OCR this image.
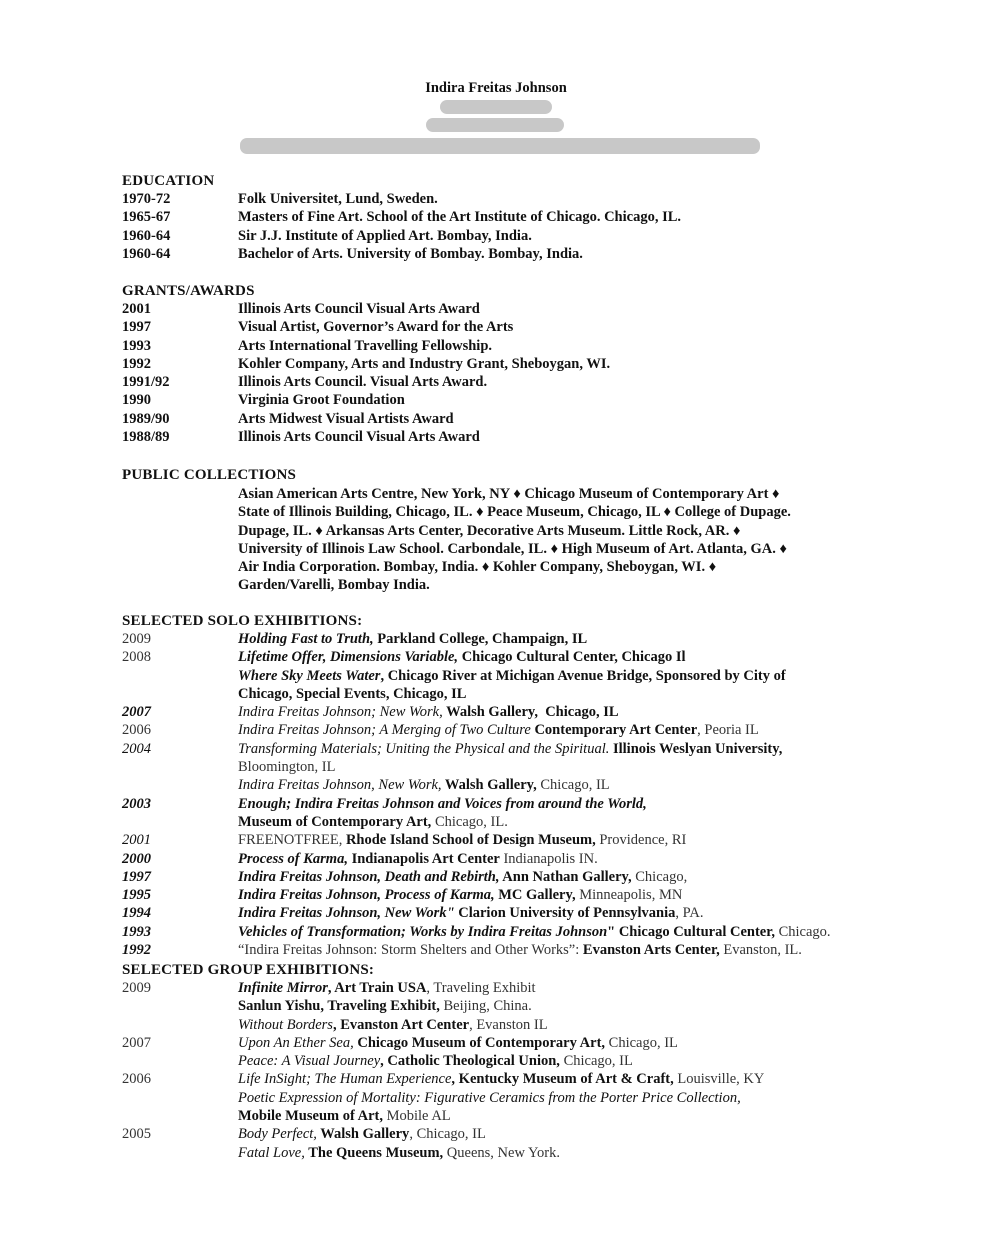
Indira Freitas Johnson
EDUCATION
1970-72	Folk Universitet, Lund, Sweden.
1965-67	Masters of Fine Art. School of the Art Institute of Chicago. Chicago, IL.
1960-64	Sir J.J. Institute of Applied Art. Bombay, India.
1960-64	Bachelor of Arts. University of Bombay. Bombay, India.
GRANTS/AWARDS
2001	Illinois Arts Council Visual Arts Award
1997	Visual Artist, Governor’s Award for the Arts
1993	Arts International Travelling Fellowship.
1992	Kohler Company, Arts and Industry Grant, Sheboygan, WI.
1991/92	Illinois Arts Council. Visual Arts Award.
1990	Virginia Groot Foundation
1989/90	Arts Midwest Visual Artists Award
1988/89	Illinois Arts Council Visual Arts Award
PUBLIC COLLECTIONS
Asian American Arts Centre, New York, NY ♦ Chicago Museum of Contemporary Art ♦
State of Illinois Building, Chicago, IL. ♦ Peace Museum, Chicago, IL ♦ College of Dupage.
Dupage, IL. ♦ Arkansas Arts Center, Decorative Arts Museum. Little Rock, AR. ♦
University of Illinois Law School. Carbondale, IL. ♦ High Museum of Art. Atlanta, GA. ♦
Air India Corporation. Bombay, India. ♦ Kohler Company, Sheboygan, WI. ♦
Garden/Varelli, Bombay India.
SELECTED SOLO EXHIBITIONS:
2009	Holding Fast to Truth, Parkland College, Champaign, IL
2008	Lifetime Offer, Dimensions Variable, Chicago Cultural Center, Chicago Il
Where Sky Meets Water, Chicago River at Michigan Avenue Bridge, Sponsored by City of
Chicago, Special Events, Chicago, IL
2007	Indira Freitas Johnson; New Work, Walsh Gallery,  Chicago, IL
2006	Indira Freitas Johnson; A Merging of Two Culture Contemporary Art Center, Peoria IL
2004	Transforming Materials; Uniting the Physical and the Spiritual. Illinois Weslyan University,
Bloomington, IL
Indira Freitas Johnson, New Work, Walsh Gallery, Chicago, IL
2003	Enough; Indira Freitas Johnson and Voices from around the World,
Museum of Contemporary Art, Chicago, IL.
2001	FREENOTFREE, Rhode Island School of Design Museum, Providence, RI
2000	Process of Karma, Indianapolis Art Center Indianapolis IN.
1997	Indira Freitas Johnson, Death and Rebirth, Ann Nathan Gallery, Chicago,
1995	Indira Freitas Johnson, Process of Karma, MC Gallery, Minneapolis, MN
1994	Indira Freitas Johnson, New Work" Clarion University of Pennsylvania, PA.
1993	Vehicles of Transformation; Works by Indira Freitas Johnson" Chicago Cultural Center, Chicago.
1992	“Indira Freitas Johnson: Storm Shelters and Other Works”: Evanston Arts Center, Evanston, IL.
SELECTED GROUP EXHIBITIONS:
2009	Infinite Mirror, Art Train USA, Traveling Exhibit
Sanlun Yishu, Traveling Exhibit, Beijing, China.
Without Borders, Evanston Art Center, Evanston IL
2007	Upon An Ether Sea, Chicago Museum of Contemporary Art, Chicago, IL
Peace: A Visual Journey, Catholic Theological Union, Chicago, IL
2006	Life InSight; The Human Experience, Kentucky Museum of Art & Craft, Louisville, KY
Poetic Expression of Mortality: Figurative Ceramics from the Porter Price Collection,
Mobile Museum of Art, Mobile AL
2005	Body Perfect, Walsh Gallery, Chicago, IL
Fatal Love, The Queens Museum, Queens, New York.
